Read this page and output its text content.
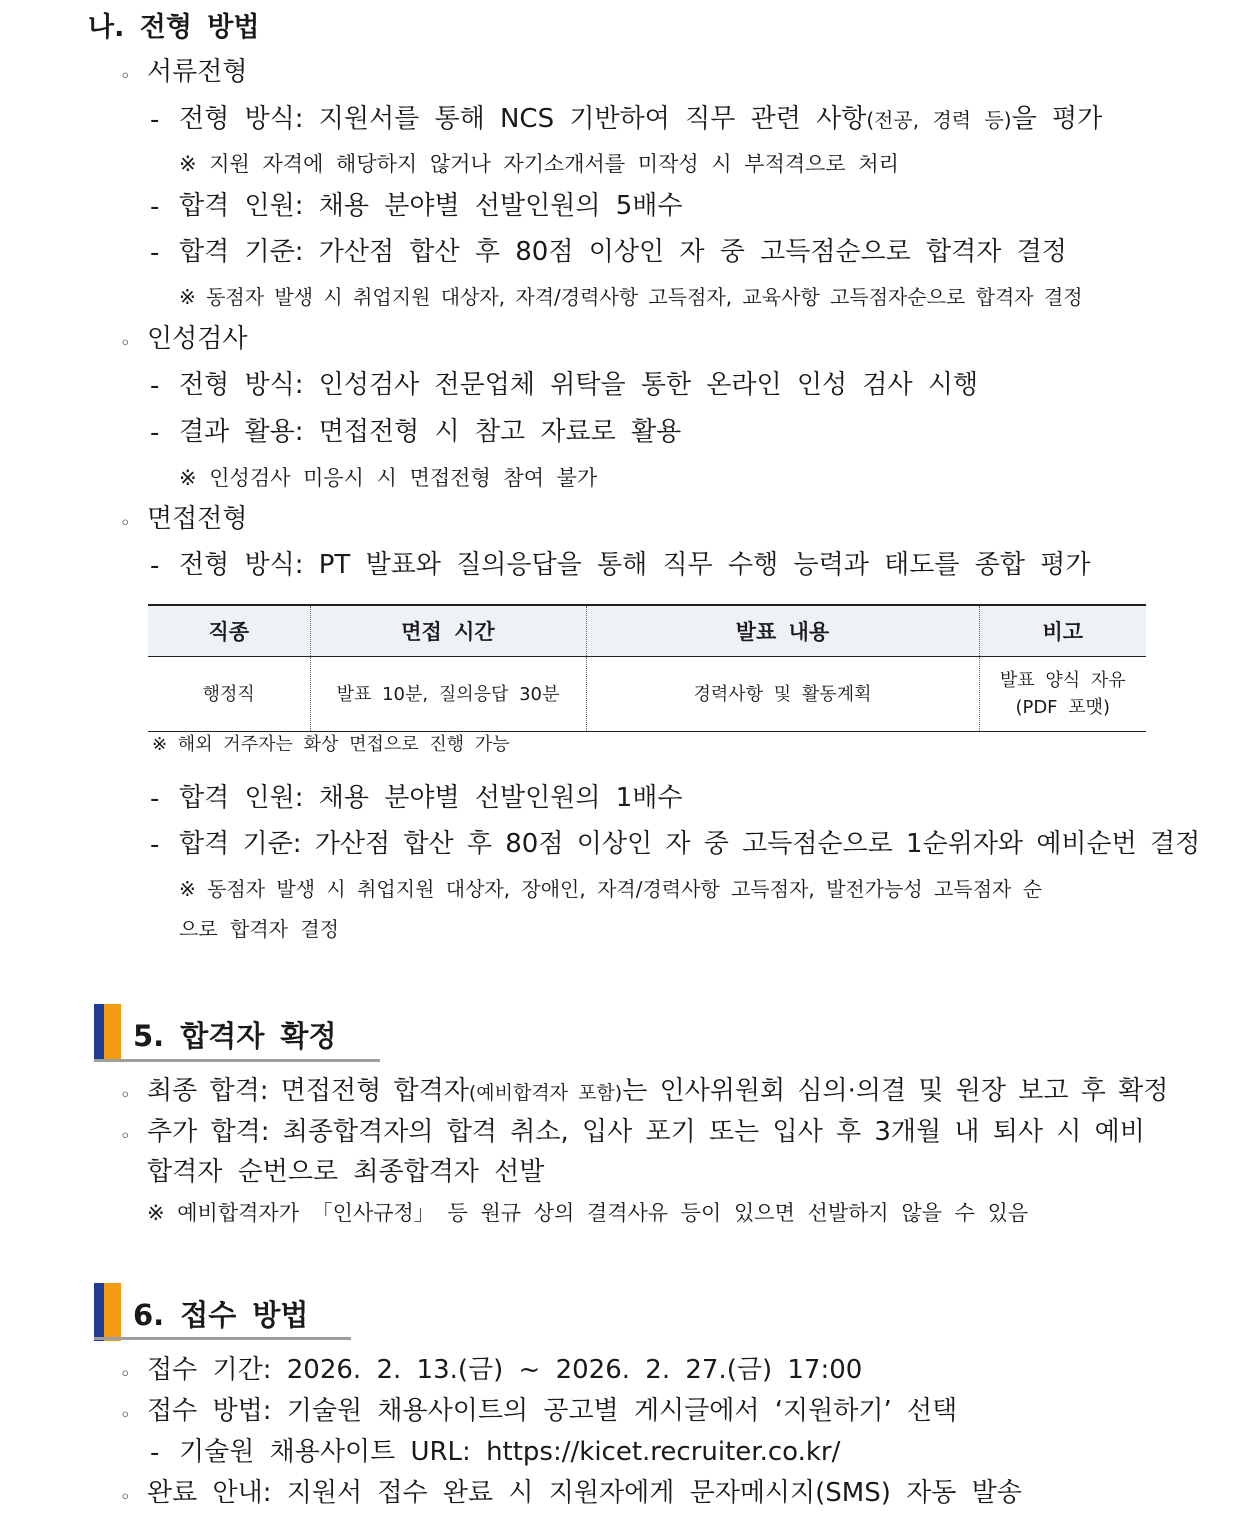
나. 전형 방법
◦ 서류전형
- 전형 방식: 지원서를 통해 NCS 기반하여 직무 관련 사항(전공, 경력 등)을 평가
※ 지원 자격에 해당하지 않거나 자기소개서를 미작성 시 부적격으로 처리
- 합격 인원: 채용 분야별 선발인원의 5배수
- 합격 기준: 가산점 합산 후 80점 이상인 자 중 고득점순으로 합격자 결정
※ 동점자 발생 시 취업지원 대상자, 자격/경력사항 고득점자, 교육사항 고득점자순으로 합격자 결정
◦ 인성검사
- 전형 방식: 인성검사 전문업체 위탁을 통한 온라인 인성 검사 시행
- 결과 활용: 면접전형 시 참고 자료로 활용
※ 인성검사 미응시 시 면접전형 참여 불가
◦ 면접전형
- 전형 방식: PT 발표와 질의응답을 통해 직무 수행 능력과 태도를 종합 평가
직종	면접 시간	발표 내용	비고
행정직	발표 10분, 질의응답 30분	경력사항 및 활동계획	발표 양식 자유
(PDF 포맷)
※ 해외 거주자는 화상 면접으로 진행 가능
- 합격 인원: 채용 분야별 선발인원의 1배수
- 합격 기준: 가산점 합산 후 80점 이상인 자 중 고득점순으로 1순위자와 예비순번 결정
※ 동점자 발생 시 취업지원 대상자, 장애인, 자격/경력사항 고득점자, 발전가능성 고득점자 순
으로 합격자 결정
5. 합격자 확정
◦ 최종 합격: 면접전형 합격자(예비합격자 포함)는 인사위원회 심의·의결 및 원장 보고 후 확정
◦ 추가 합격: 최종합격자의 합격 취소, 입사 포기 또는 입사 후 3개월 내 퇴사 시 예비
합격자 순번으로 최종합격자 선발
※ 예비합격자가 「인사규정」 등 원규 상의 결격사유 등이 있으면 선발하지 않을 수 있음
6. 접수 방법
◦ 접수 기간: 2026. 2. 13.(금) ~ 2026. 2. 27.(금) 17:00
◦ 접수 방법: 기술원 채용사이트의 공고별 게시글에서 ‘지원하기’ 선택
- 기술원 채용사이트 URL: https://kicet.recruiter.co.kr/
◦ 완료 안내: 지원서 접수 완료 시 지원자에게 문자메시지(SMS) 자동 발송
